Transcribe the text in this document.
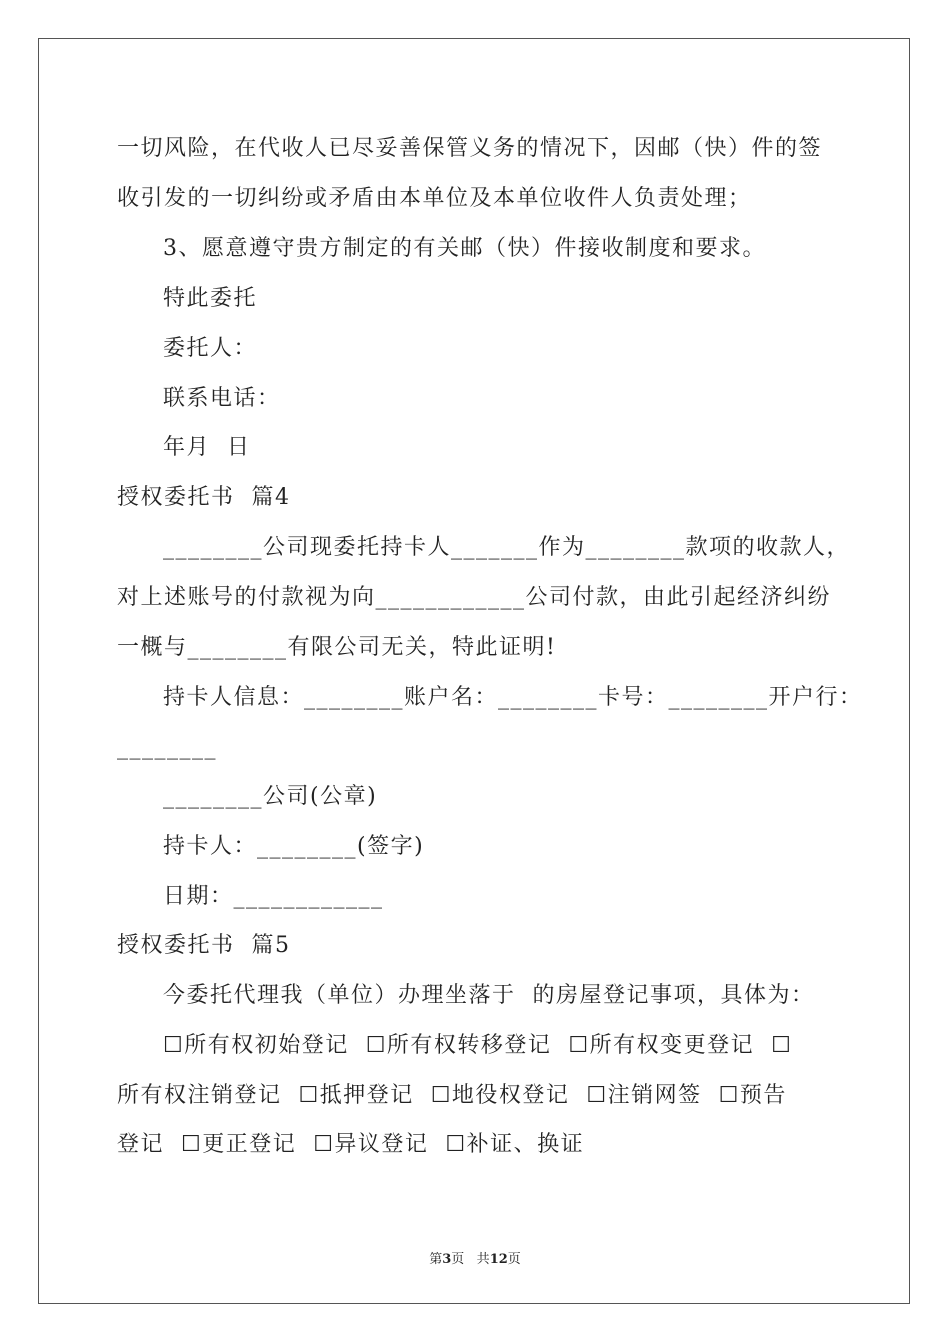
一切风险，在代收人已尽妥善保管义务的情况下，因邮（快）件的签

收引发的一切纠纷或矛盾由本单位及本单位收件人负责处理；

3、愿意遵守贵方制定的有关邮（快）件接收制度和要求。

特此委托

委托人：

联系电话：

年月  日

授权委托书  篇4

________公司现委托持卡人_______作为________款项的收款人，

对上述账号的付款视为向____________公司付款，由此引起经济纠纷

一概与________有限公司无关，特此证明!

持卡人信息：________账户名：________卡号：________开户行：

________

________公司(公章)

持卡人：________(签字)

日期：____________

授权委托书  篇5

今委托代理我（单位）办理坐落于  的房屋登记事项，具体为：

☐所有权初始登记  ☐所有权转移登记  ☐所有权变更登记  ☐

所有权注销登记  ☐抵押登记  ☐地役权登记  ☐注销网签  ☐预告

登记  ☐更正登记  ☐异议登记  ☐补证、换证

第3页 共12页
